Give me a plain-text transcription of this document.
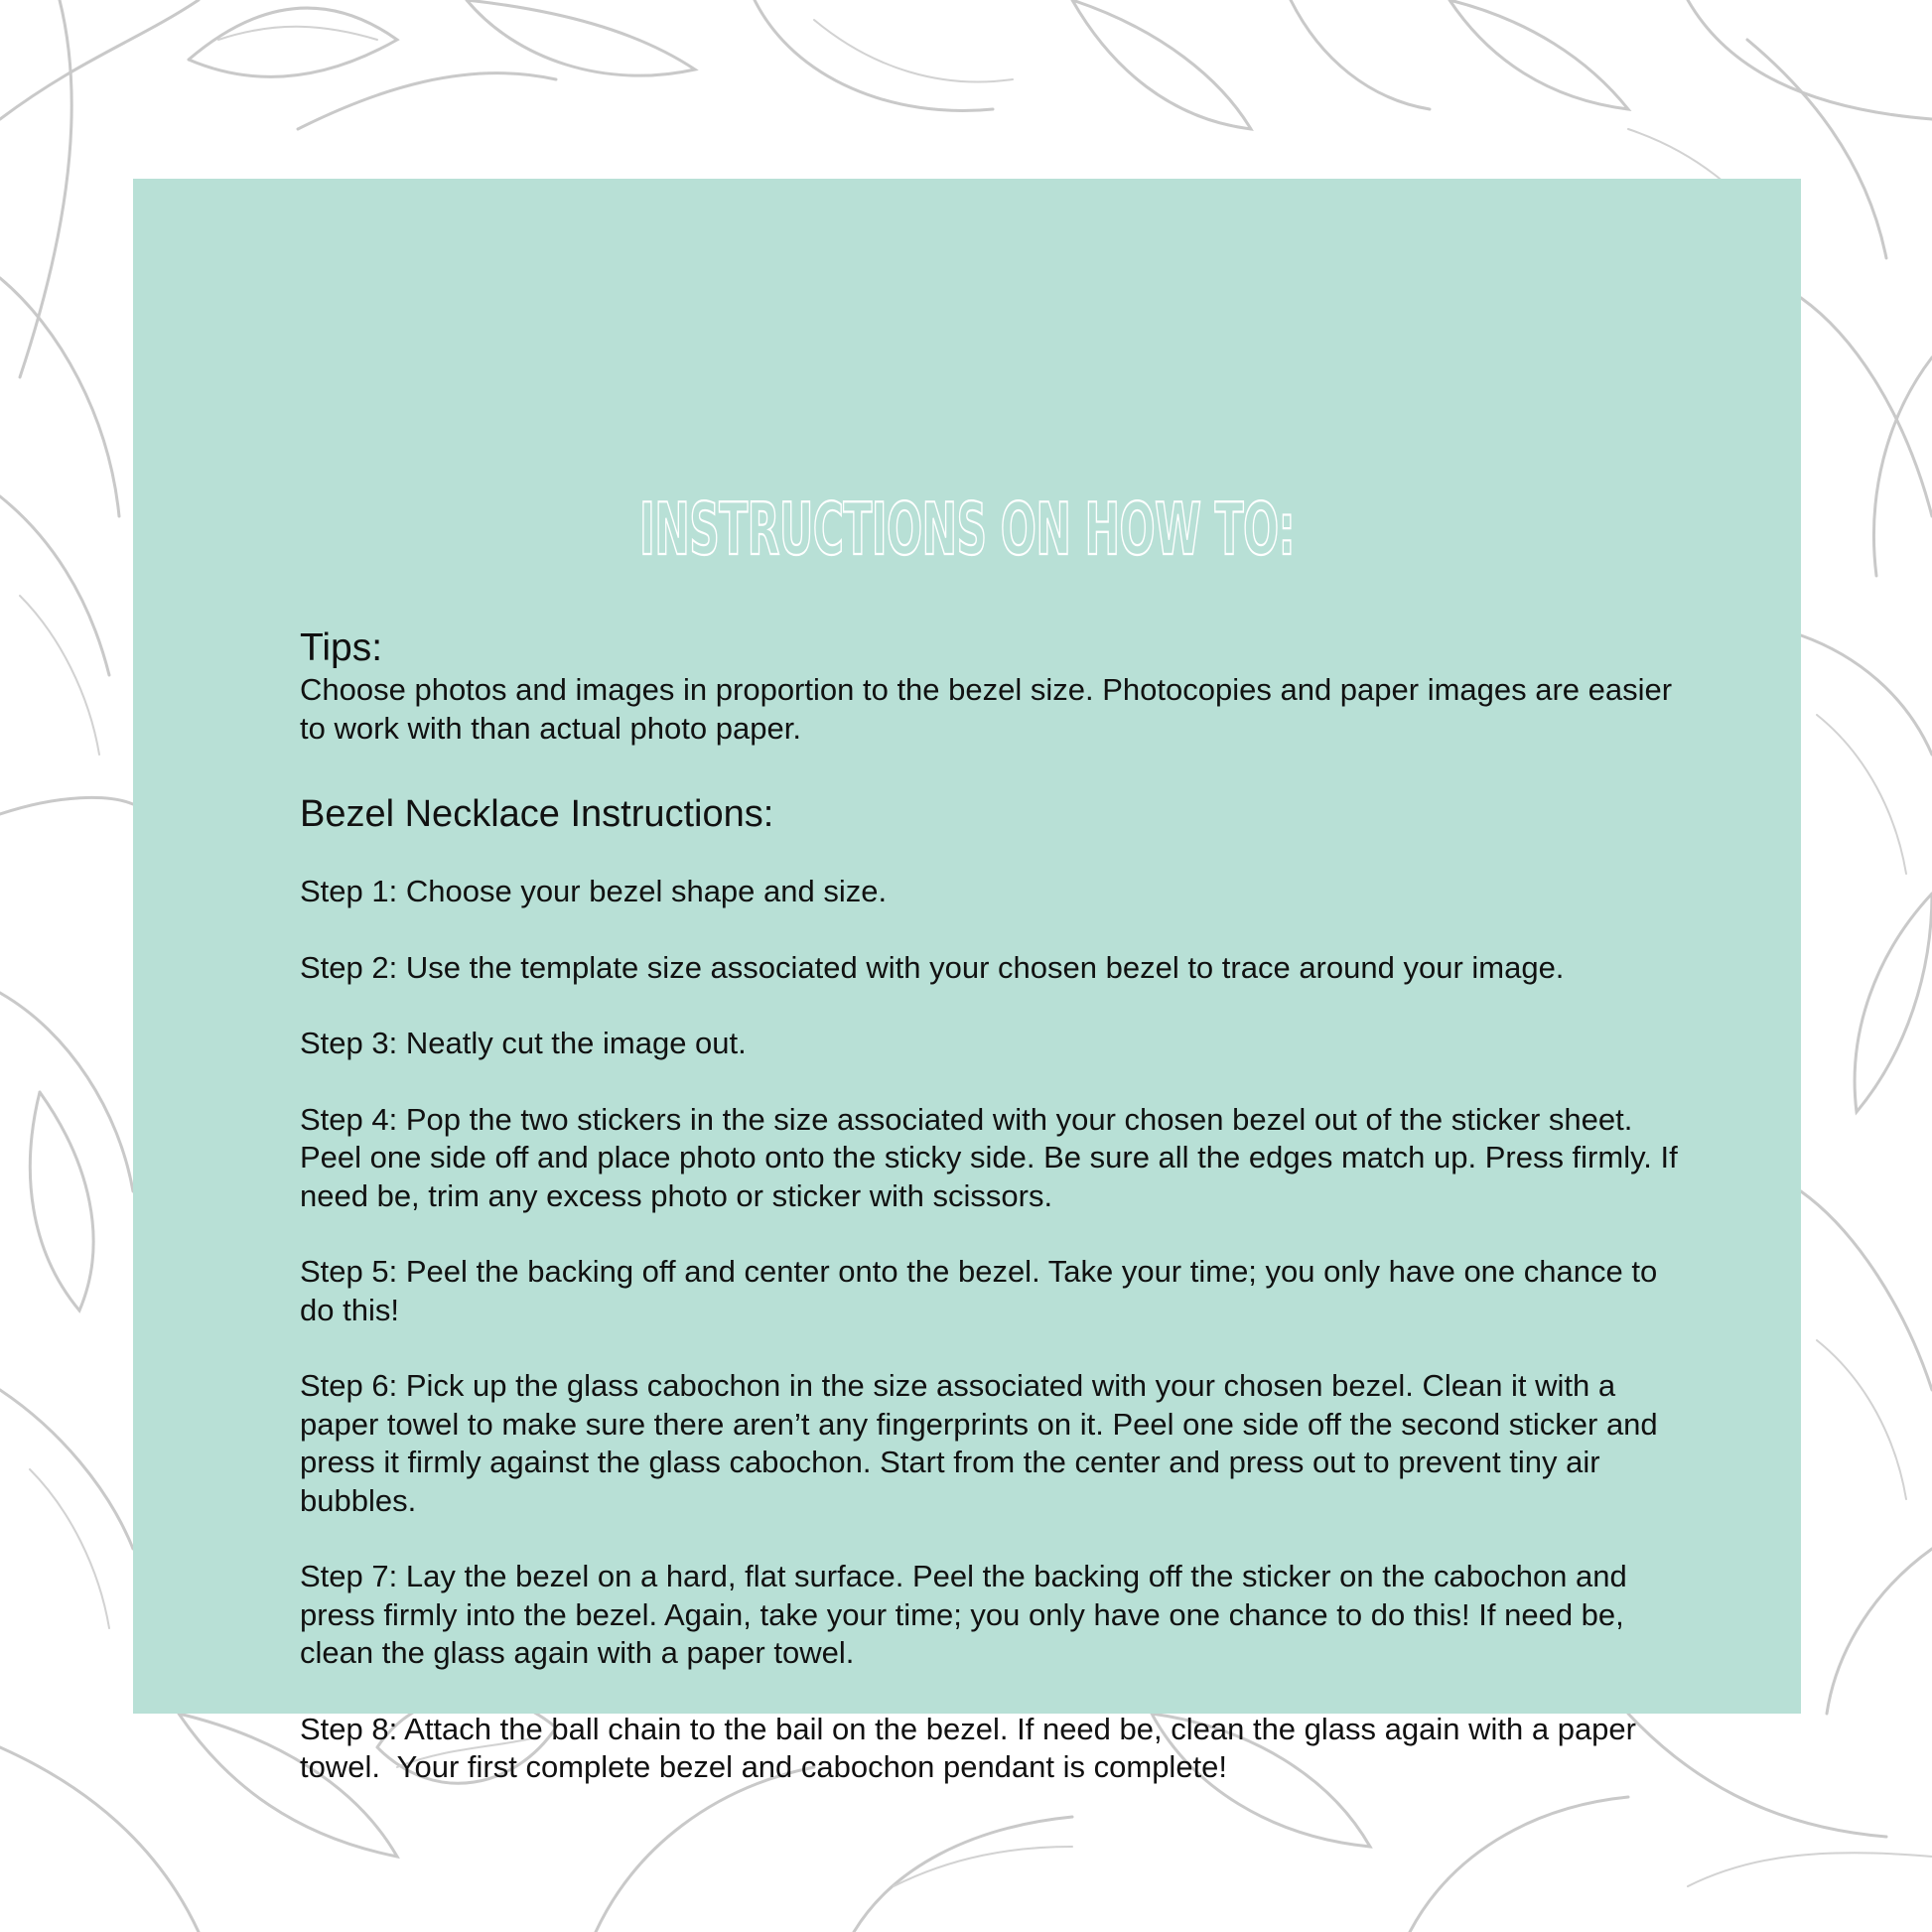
INSTRUCTIONS ON HOW TO:

Tips:

Choose photos and images in proportion to the bezel size. Photocopies and paper images are easier to work with than actual photo paper.

Bezel Necklace Instructions:

Step 1: Choose your bezel shape and size.
Step 2: Use the template size associated with your chosen bezel to trace around your image.
Step 3: Neatly cut the image out.
Step 4: Pop the two stickers in the size associated with your chosen bezel out of the sticker sheet.  Peel one side off and place photo onto the sticky side. Be sure all the edges match up. Press firmly. If need be, trim any excess photo or sticker with scissors.
Step 5: Peel the backing off and center onto the bezel. Take your time; you only have one chance to do this!
Step 6: Pick up the glass cabochon in the size associated with your chosen bezel. Clean it with a paper towel to make sure there aren’t any fingerprints on it. Peel one side off the second sticker and press it firmly against the glass cabochon. Start from the center and press out to prevent tiny air bubbles.
Step 7: Lay the bezel on a hard, flat surface. Peel the backing off the sticker on the cabochon and press firmly into the bezel. Again, take your time; you only have one chance to do this! If need be, clean the glass again with a paper towel.
Step 8: Attach the ball chain to the bail on the bezel. If need be, clean the glass again with a paper towel.  Your first complete bezel and cabochon pendant is complete!
